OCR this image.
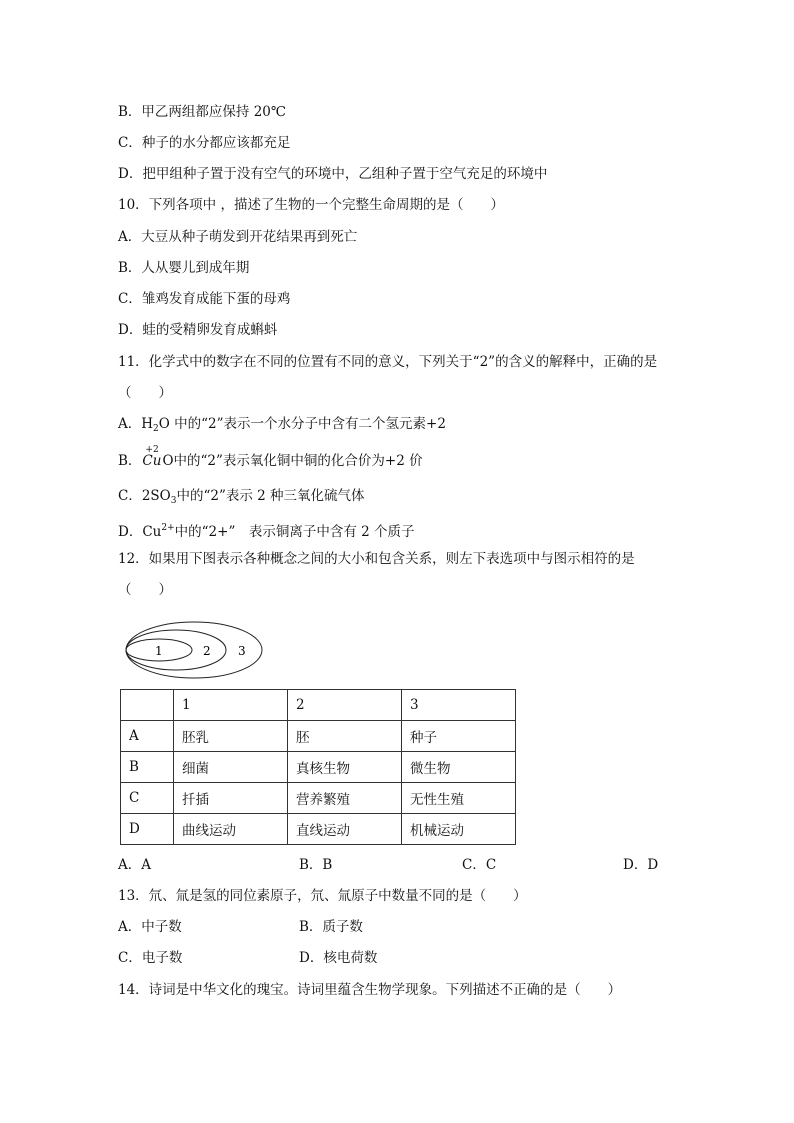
B．甲乙两组都应保持 20℃
C．种子的水分都应该都充足
D．把甲组种子置于没有空气的环境中，乙组种子置于空气充足的环境中
10．下列各项中 ，描述了生物的一个完整生命周期的是（　　）
A．大豆从种子萌发到开花结果再到死亡
B．人从婴儿到成年期
C．雏鸡发育成能下蛋的母鸡
D．蛙的受精卵发育成蝌蚪
11．化学式中的数字在不同的位置有不同的意义，下列关于“2”的含义的解释中，正确的是
（　　）
A．$H_2O$ 中的“2”表示一个水分子中含有二个氢元素+2
B．
+2
CuO中的“2”表示氧化铜中铜的化合价为+2 价
C．$2SO_3$中的“2”表示 2 种三氧化硫气体
D．$Cu^{2+}$中的“2+”　表示铜离子中含有 2 个质子
12．如果用下图表示各种概念之间的大小和包含关系，则左下表选项中与图示相符的是
（　　）
1	2 3
	1	2	3
A	胚乳	胚	种子
B	细菌	真核生物	微生物
C	扦插	营养繁殖	无性生殖
D	曲线运动	直线运动	机械运动
A．A	B．B	C．C	D．D
13．氘、氚是氢的同位素原子，氘、氚原子中数量不同的是（　　）
A．中子数	B．质子数
C．电子数	D．核电荷数
14．诗词是中华文化的瑰宝。诗词里蕴含生物学现象。下列描述不正确的是（　　）
